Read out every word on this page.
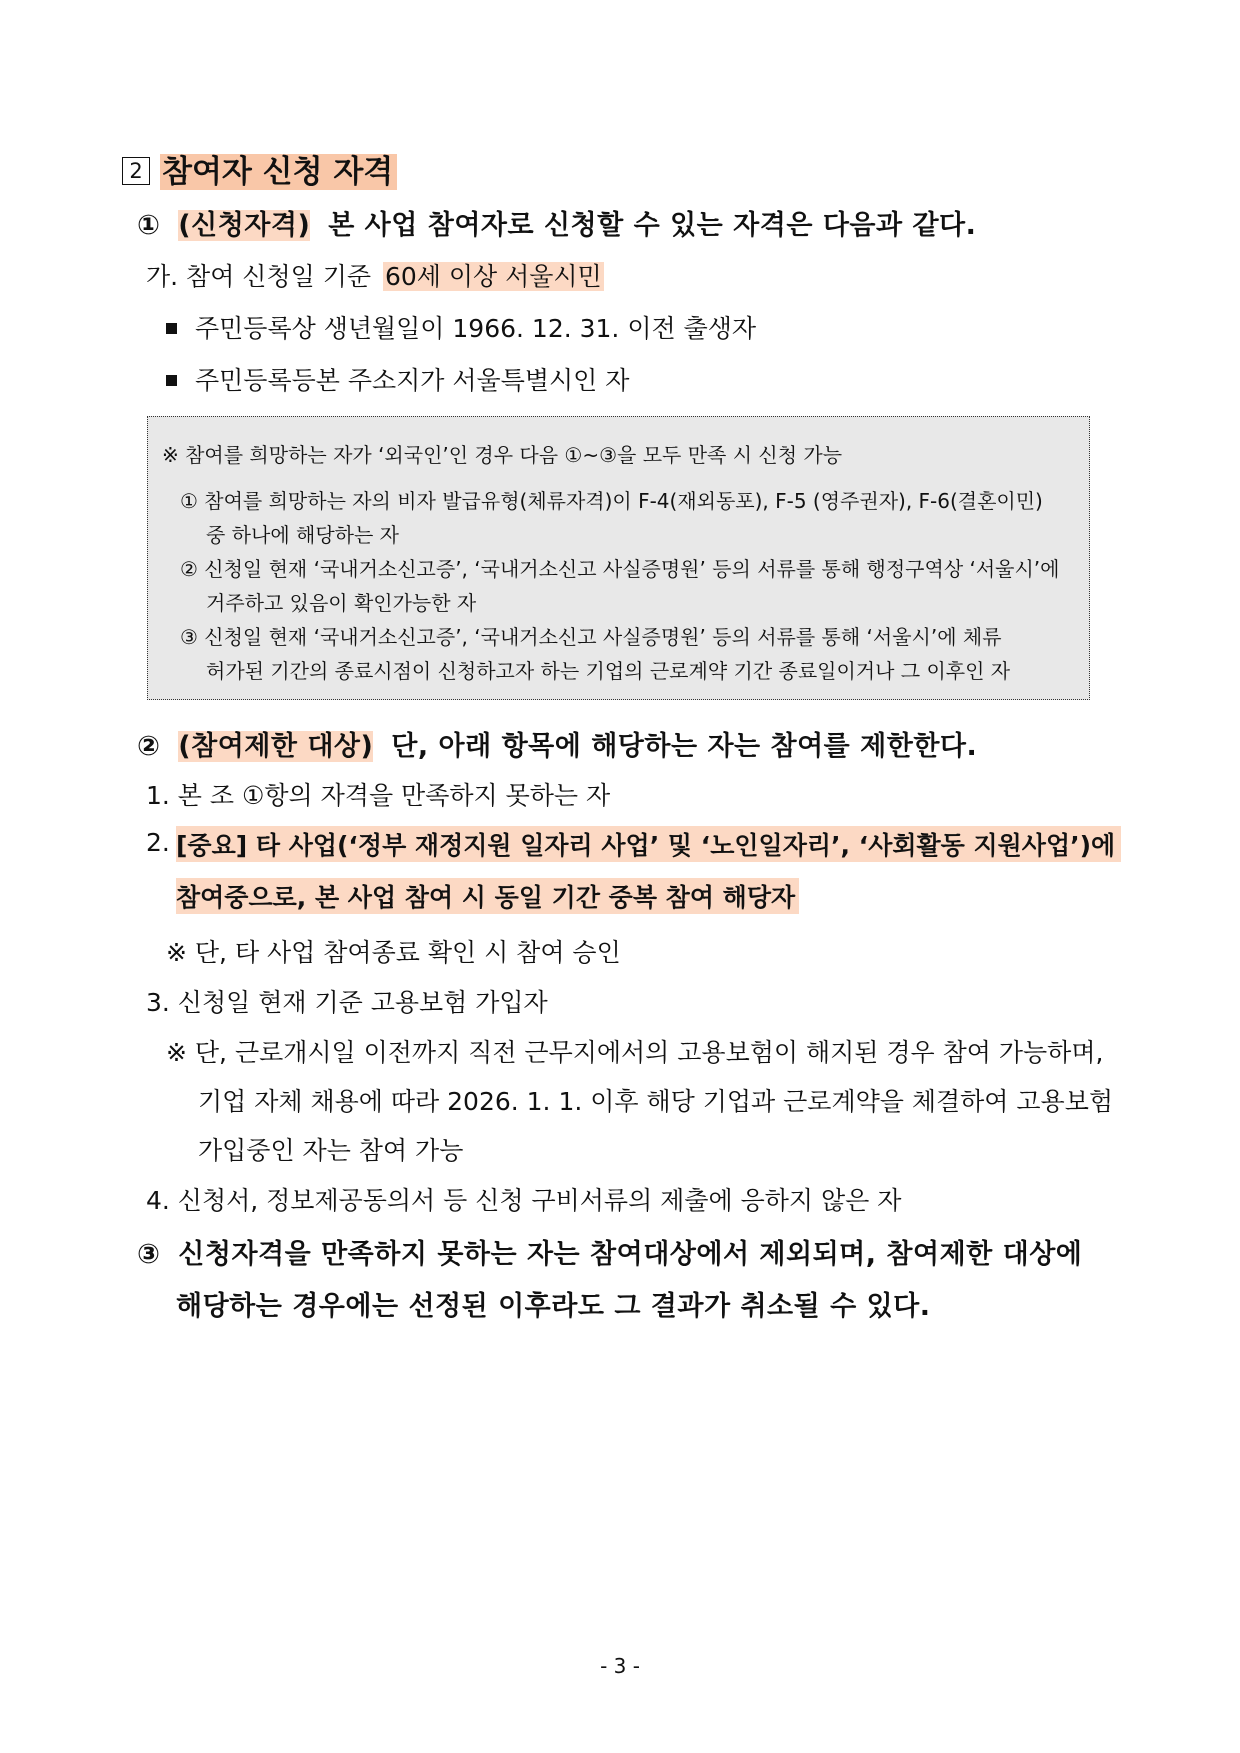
2 참여자 신청 자격
① (신청자격) 본 사업 참여자로 신청할 수 있는 자격은 다음과 같다.
가. 참여 신청일 기준 60세 이상 서울시민
주민등록상 생년월일이 1966. 12. 31. 이전 출생자
주민등록등본 주소지가 서울특별시인 자
※ 참여를 희망하는 자가 ‘외국인’인 경우 다음 ①~③을 모두 만족 시 신청 가능
① 참여를 희망하는 자의 비자 발급유형(체류자격)이 F-4(재외동포), F-5 (영주권자), F-6(결혼이민)
중 하나에 해당하는 자
② 신청일 현재 ‘국내거소신고증’, ‘국내거소신고 사실증명원’ 등의 서류를 통해 행정구역상 ‘서울시’에
거주하고 있음이 확인가능한 자
③ 신청일 현재 ‘국내거소신고증’, ‘국내거소신고 사실증명원’ 등의 서류를 통해 ‘서울시’에 체류
허가된 기간의 종료시점이 신청하고자 하는 기업의 근로계약 기간 종료일이거나 그 이후인 자
② (참여제한 대상) 단, 아래 항목에 해당하는 자는 참여를 제한한다.
1. 본 조 ①항의 자격을 만족하지 못하는 자
2. [중요] 타 사업(‘정부 재정지원 일자리 사업’ 및 ‘노인일자리’, ‘사회활동 지원사업’)에
참여중으로, 본 사업 참여 시 동일 기간 중복 참여 해당자
※ 단, 타 사업 참여종료 확인 시 참여 승인
3. 신청일 현재 기준 고용보험 가입자
※ 단, 근로개시일 이전까지 직전 근무지에서의 고용보험이 해지된 경우 참여 가능하며,
기업 자체 채용에 따라 2026. 1. 1. 이후 해당 기업과 근로계약을 체결하여 고용보험
가입중인 자는 참여 가능
4. 신청서, 정보제공동의서 등 신청 구비서류의 제출에 응하지 않은 자
③ 신청자격을 만족하지 못하는 자는 참여대상에서 제외되며, 참여제한 대상에
해당하는 경우에는 선정된 이후라도 그 결과가 취소될 수 있다.
- 3 -
